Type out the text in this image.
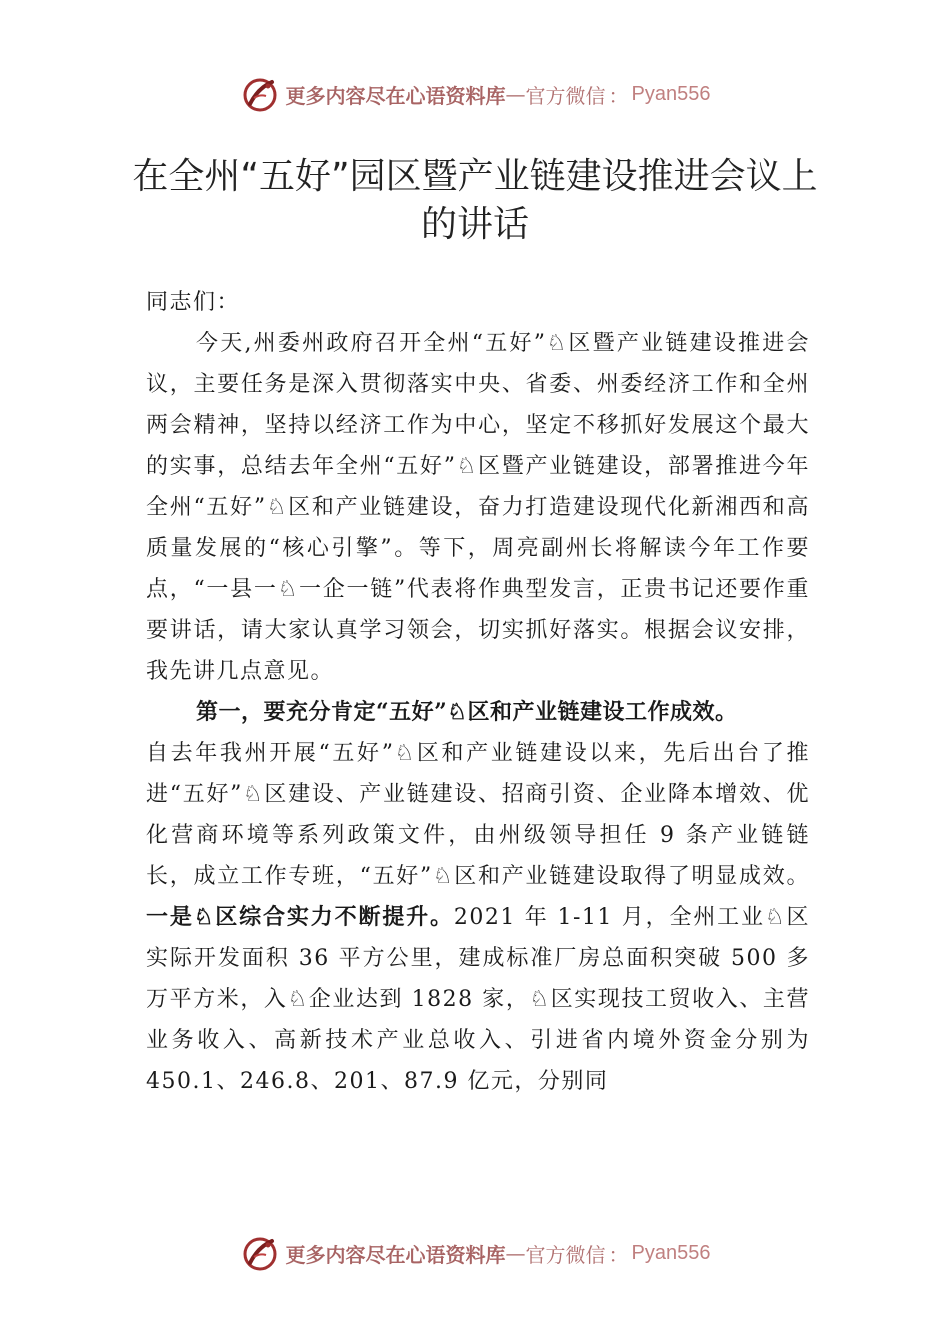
更多内容尽在心语资料库 — 官方微信 ： Pyan556
在全州“五好”园区暨产业链建设推进会议上的讲话

同志们：

今天,州委州政府召开全州“五好”♘区暨产业链建设推进会议，主要任务是深入贯彻落实中央、省委、州委经济工作和全州两会精神，坚持以经济工作为中心，坚定不移抓好发展这个最大的实事，总结去年全州“五好”♘区暨产业链建设，部署推进今年全州“五好”♘区和产业链建设，奋力打造建设现代化新湘西和高质量发展的“核心引擎”。等下，周亮副州长将解读今年工作要点，“一县一♘一企一链”代表将作典型发言，正贵书记还要作重要讲话，请大家认真学习领会，切实抓好落实。根据会议安排，我先讲几点意见。

第一，要充分肯定“五好”♘区和产业链建设工作成效。

自去年我州开展“五好”♘区和产业链建设以来，先后出台了推进“五好”♘区建设、产业链建设、招商引资、企业降本增效、优化营商环境等系列政策文件，由州级领导担任 9 条产业链链长，成立工作专班，“五好”♘区和产业链建设取得了明显成效。一是♘区综合实力不断提升。2021 年 1-11 月，全州工业♘区实际开发面积 36 平方公里，建成标准厂房总面积突破 500 多万平方米，入♘企业达到 1828 家，♘区实现技工贸收入、主营业务收入、高新技术产业总收入、引进省内境外资金分别为 450.1、246.8、201、87.9 亿元，分别同

更多内容尽在心语资料库 — 官方微信 ： Pyan556
